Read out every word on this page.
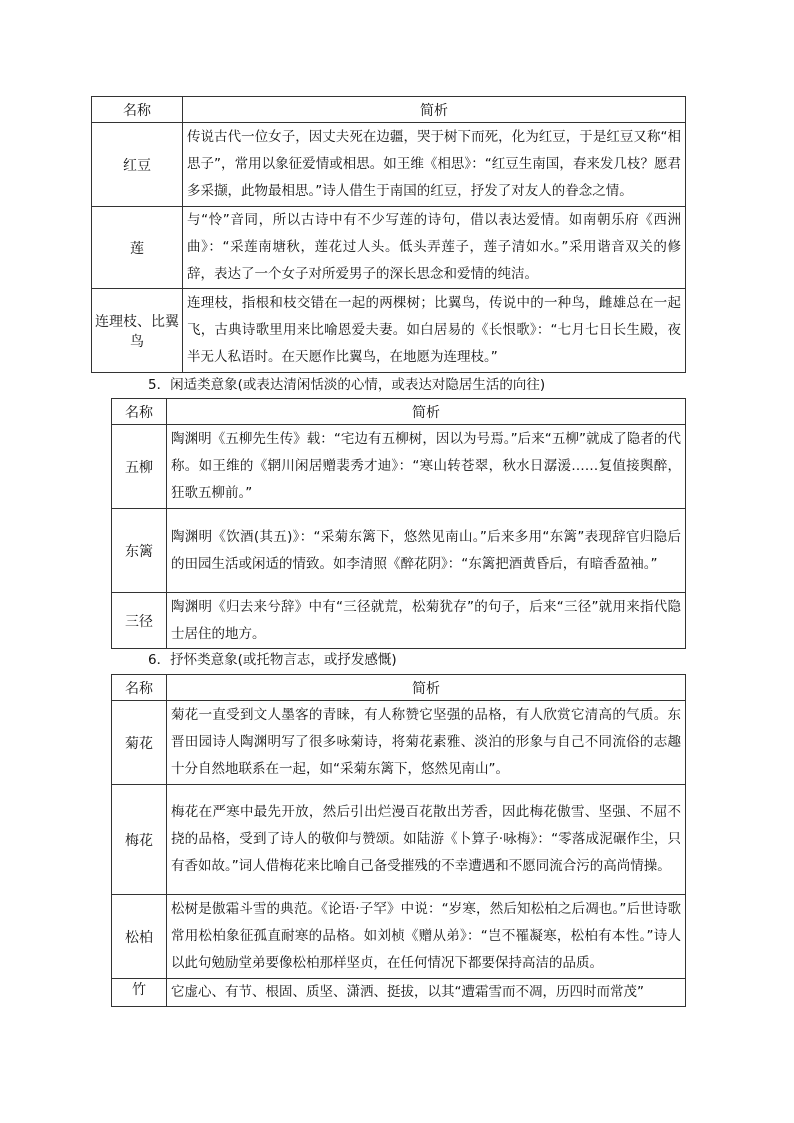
名称	简析
红豆	传说古代一位女子，因丈夫死在边疆，哭于树下而死，化为红豆，于是红豆又称“相思子”，常用以象征爱情或相思。如王维《相思》：“红豆生南国，春来发几枝？愿君多采撷，此物最相思。”诗人借生于南国的红豆，抒发了对友人的眷念之情。
莲	与“怜”音同，所以古诗中有不少写莲的诗句，借以表达爱情。如南朝乐府《西洲曲》：“采莲南塘秋，莲花过人头。低头弄莲子，莲子清如水。”采用谐音双关的修辞，表达了一个女子对所爱男子的深长思念和爱情的纯洁。
连理枝、比翼鸟	连理枝，指根和枝交错在一起的两棵树；比翼鸟，传说中的一种鸟，雌雄总在一起飞，古典诗歌里用来比喻恩爱夫妻。如白居易的《长恨歌》：“七月七日长生殿，夜半无人私语时。在天愿作比翼鸟，在地愿为连理枝。”
5．闲适类意象(或表达清闲恬淡的心情，或表达对隐居生活的向往)
名称	简析
五柳	陶渊明《五柳先生传》载：“宅边有五柳树，因以为号焉。”后来“五柳”就成了隐者的代称。如王维的《辋川闲居赠裴秀才迪》：“寒山转苍翠，秋水日潺湲……复值接舆醉，狂歌五柳前。”
东篱	陶渊明《饮酒(其五)》：“采菊东篱下，悠然见南山。”后来多用“东篱”表现辞官归隐后的田园生活或闲适的情致。如李清照《醉花阴》：“东篱把酒黄昏后，有暗香盈袖。”
三径	陶渊明《归去来兮辞》中有“三径就荒，松菊犹存”的句子，后来“三径”就用来指代隐士居住的地方。
6．抒怀类意象(或托物言志，或抒发感慨)
名称	简析
菊花	菊花一直受到文人墨客的青睐，有人称赞它坚强的品格，有人欣赏它清高的气质。东晋田园诗人陶渊明写了很多咏菊诗，将菊花素雅、淡泊的形象与自己不同流俗的志趣十分自然地联系在一起，如“采菊东篱下，悠然见南山”。
梅花	梅花在严寒中最先开放，然后引出烂漫百花散出芳香，因此梅花傲雪、坚强、不屈不挠的品格，受到了诗人的敬仰与赞颂。如陆游《卜算子·咏梅》：“零落成泥碾作尘，只有香如故。”词人借梅花来比喻自己备受摧残的不幸遭遇和不愿同流合污的高尚情操。
松柏	松树是傲霜斗雪的典范。《论语·子罕》中说：“岁寒，然后知松柏之后凋也。”后世诗歌常用松柏象征孤直耐寒的品格。如刘桢《赠从弟》：“岂不罹凝寒，松柏有本性。”诗人以此句勉励堂弟要像松柏那样坚贞，在任何情况下都要保持高洁的品质。
竹	它虚心、有节、根固、质坚、潇洒、挺拔，以其“遭霜雪而不凋，历四时而常茂”
